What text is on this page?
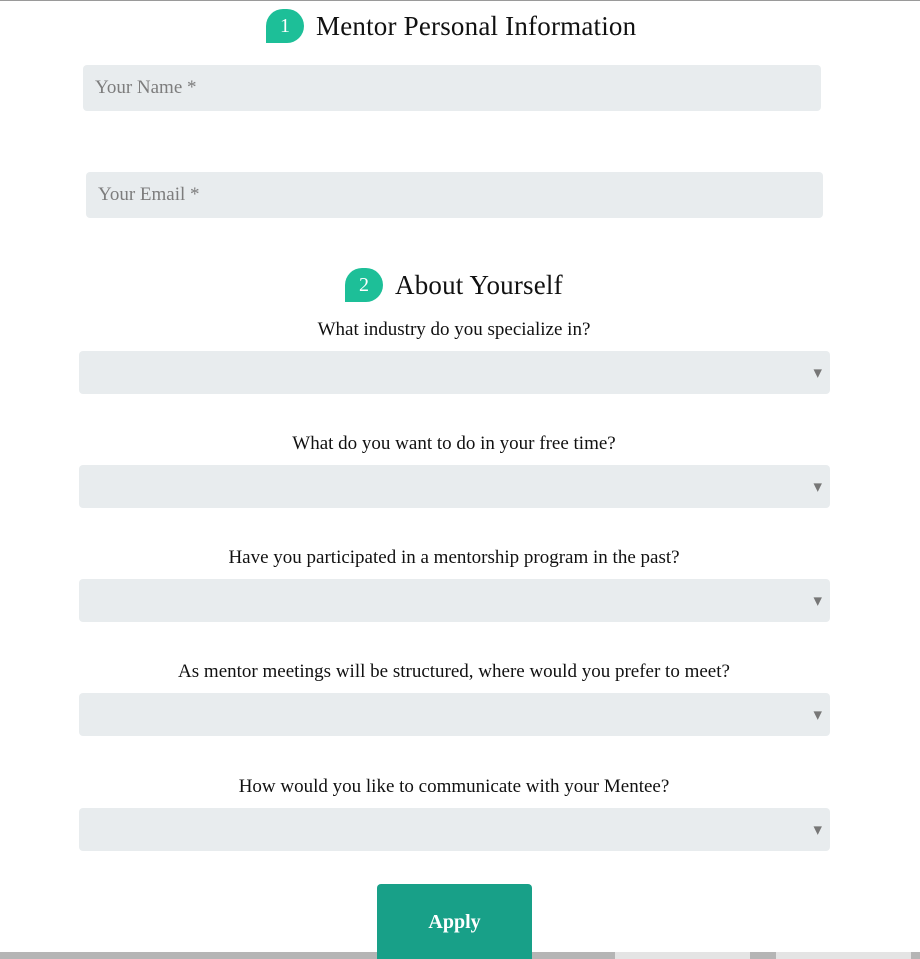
1 Mentor Personal Information
Your Name *
Your Email *
2 About Yourself
What industry do you specialize in?
▼
What do you want to do in your free time?
▼
Have you participated in a mentorship program in the past?
▼
As mentor meetings will be structured, where would you prefer to meet?
▼
How would you like to communicate with your Mentee?
▼
Apply
